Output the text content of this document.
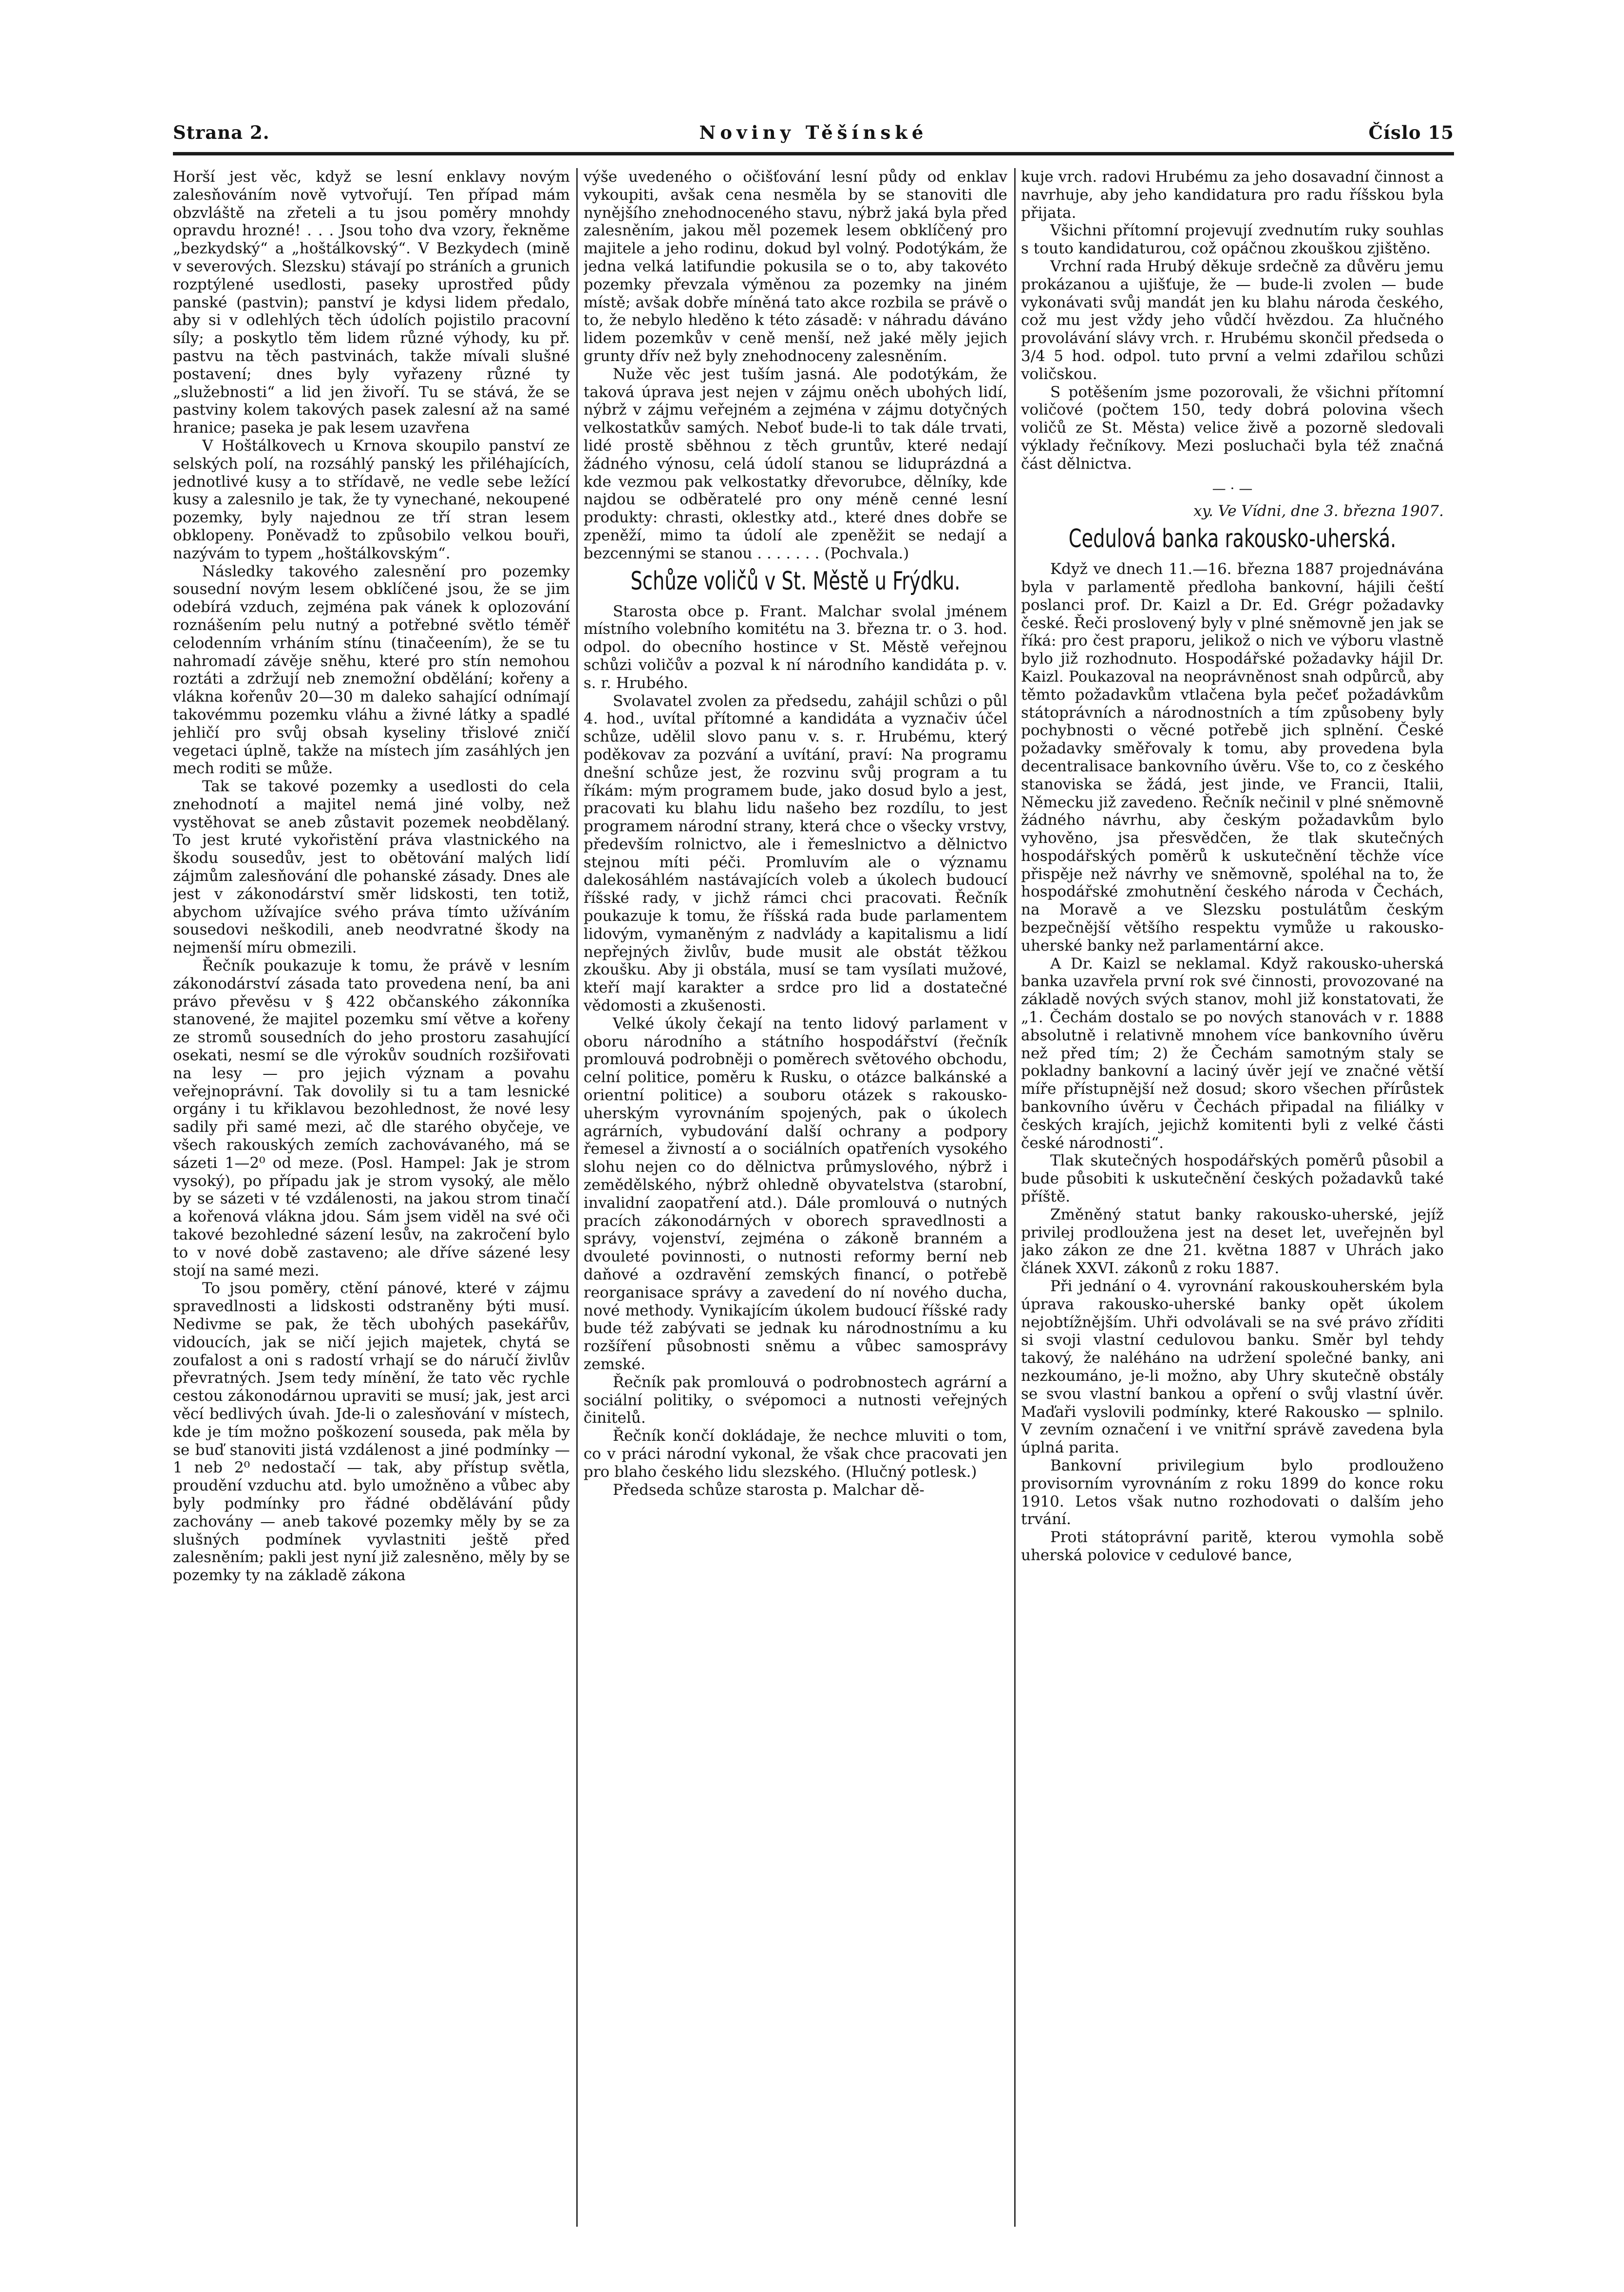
Strana 2.	Noviny Těšínské	Číslo 15

Horší jest věc, když se lesní enklavy novým zalesňováním nově vytvořují. Ten případ mám obzvláště na zřeteli a tu jsou poměry mnohdy opravdu hrozné! . . . Jsou toho dva vzory, řekněme „bezkydský“ a „hoštálkovský“. V Bezkydech (mině v severových. Slezsku) stávají po stráních a grunich rozptýlené usedlosti, paseky uprostřed půdy panské (pastvin); panství je kdysi lidem předalo, aby si v odlehlých těch údolích pojistilo pracovní síly; a poskytlo těm lidem různé výhody, ku př. pastvu na těch pastvinách, takže mívali slušné postavení; dnes byly vyřazeny různé ty „služebnosti“ a lid jen živoří. Tu se stává, že se pastviny kolem takových pasek zalesní až na samé hranice; paseka je pak lesem uzavřena

V Hoštálkovech u Krnova skoupilo panství ze selských polí, na rozsáhlý panský les přiléhajících, jednotlivé kusy a to střídavě, ne vedle sebe ležící kusy a zalesnilo je tak, že ty vynechané, nekoupené pozemky, byly najednou ze tří stran lesem obklopeny. Poněvadž to způsobilo velkou bouři, nazývám to typem „hoštálkovským“.

Následky takového zalesnění pro pozemky sousední novým lesem obklíčené jsou, že se jim odebírá vzduch, zejména pak vánek k oplozování roznášením pelu nutný a potřebné světlo téměř celodenním vrháním stínu (tinačeením), že se tu nahromadí závěje sněhu, které pro stín nemohou roztáti a zdržují neb znemožní obdělání; kořeny a vlákna kořenův 20—30 m daleko sahající odnímají takovémmu pozemku vláhu a živné látky a spadlé jehličí pro svůj obsah kyseliny třislové zničí vegetaci úplně, takže na místech jím zasáhlých jen mech roditi se může.

Tak se takové pozemky a usedlosti do cela znehodnotí a majitel nemá jiné volby, než vystěhovat se aneb zůstavit pozemek neobdělaný. To jest kruté vykořistění práva vlastnického na škodu sousedův, jest to obětování malých lidí zájmům zalesňování dle pohanské zásady. Dnes ale jest v zákonodárství směr lidskosti, ten totiž, abychom užívajíce svého práva tímto užíváním sousedovi neškodili, aneb neodvratné škody na nejmenší míru obmezili.

Řečník poukazuje k tomu, že právě v lesním zákonodárství zásada tato provedena není, ba ani právo převěsu v § 422 občanského zákonníka stanovené, že majitel pozemku smí větve a kořeny ze stromů sousedních do jeho prostoru zasahující osekati, nesmí se dle výrokův soudních rozšiřovati na lesy — pro jejich význam a povahu veřejnoprávní. Tak dovolily si tu a tam lesnické orgány i tu křiklavou bezohlednost, že nové lesy sadily při samé mezi, ač dle starého obyčeje, ve všech rakouských zemích zachovávaného, má se sázeti 1—2⁰ od meze. (Posl. Hampel: Jak je strom vysoký), po případu jak je strom vysoký, ale mělo by se sázeti v té vzdálenosti, na jakou strom tinačí a kořenová vlákna jdou. Sám jsem viděl na své oči takové bezohledné sázení lesův, na zakročení bylo to v nové době zastaveno; ale dříve sázené lesy stojí na samé mezi.

To jsou poměry, ctění pánové, které v zájmu spravedlnosti a lidskosti odstraněny býti musí. Nedivme se pak, že těch ubohých pasekářův, vidoucích, jak se ničí jejich majetek, chytá se zoufalost a oni s radostí vrhají se do náručí živlův převratných. Jsem tedy mínění, že tato věc rychle cestou zákonodárnou upraviti se musí; jak, jest arci věcí bedlivých úvah. Jde-li o zalesňování v místech, kde je tím možno poškození souseda, pak měla by se buď stanoviti jistá vzdálenost a jiné podmínky — 1 neb 2⁰ nedostačí — tak, aby přístup světla, proudění vzduchu atd. bylo umožněno a vůbec aby byly podmínky pro řádné obdělávání půdy zachovány — aneb takové pozemky měly by se za slušných podmínek vyvlastniti ještě před zalesněním; pakli jest nyní již zalesněno, měly by se pozemky ty na základě zákona

výše uvedeného o očišťování lesní půdy od enklav vykoupiti, avšak cena nesměla by se stanoviti dle nynějšího znehodnoceného stavu, nýbrž jaká byla před zalesněním, jakou měl pozemek lesem obklíčený pro majitele a jeho rodinu, dokud byl volný. Podotýkám, že jedna velká latifundie pokusila se o to, aby takovéto pozemky převzala výměnou za pozemky na jiném místě; avšak dobře míněná tato akce rozbila se právě o to, že nebylo hleděno k této zásadě: v náhradu dáváno lidem pozemkův v ceně menší, než jaké měly jejich grunty dřív než byly znehodnoceny zalesněním.

Nuže věc jest tuším jasná. Ale podotýkám, že taková úprava jest nejen v zájmu oněch ubohých lidí, nýbrž v zájmu veřejném a zejména v zájmu dotyčných velkostatkův samých. Neboť bude-li to tak dále trvati, lidé prostě sběhnou z těch gruntův, které nedají žádného výnosu, celá údolí stanou se liduprázdná a kde vezmou pak velkostatky dřevorubce, dělníky, kde najdou se odběratelé pro ony méně cenné lesní produkty: chrasti, oklestky atd., které dnes dobře se zpeněží, mimo ta údolí ale zpeněžit se nedají a bezcennými se stanou . . . . . . . (Pochvala.)

Schůze voličů v St. Městě u Frýdku.

Starosta obce p. Frant. Malchar svolal jménem místního volebního komitétu na 3. března tr. o 3. hod. odpol. do obecního hostince v St. Městě veřejnou schůzi voličův a pozval k ní národního kandidáta p. v. s. r. Hrubého.

Svolavatel zvolen za předsedu, zahájil schůzi o půl 4. hod., uvítal přítomné a kandidáta a vyznačiv účel schůze, udělil slovo panu v. s. r. Hrubému, který poděkovav za pozvání a uvítání, praví: Na programu dnešní schůze jest, že rozvinu svůj program a tu říkám: mým programem bude, jako dosud bylo a jest, pracovati ku blahu lidu našeho bez rozdílu, to jest programem národní strany, která chce o všecky vrstvy, především rolnictvo, ale i řemeslnictvo a dělnictvo stejnou míti péči. Promluvím ale o významu dalekosáhlém nastávajících voleb a úkolech budoucí říšské rady, v jichž rámci chci pracovati. Řečník poukazuje k tomu, že říšská rada bude parlamentem lidovým, vymaněným z nadvlády a kapitalismu a lidí nepřejných živlův, bude musit ale obstát těžkou zkoušku. Aby ji obstála, musí se tam vysílati mužové, kteří mají karakter a srdce pro lid a dostatečné vědomosti a zkušenosti.

Velké úkoly čekají na tento lidový parlament v oboru národního a státního hospodářství (řečník promlouvá podrobněji o poměrech světového obchodu, celní politice, poměru k Rusku, o otázce balkánské a orientní politice) a souboru otázek s rakousko-uherským vyrovnáním spojených, pak o úkolech agrárních, vybudování další ochrany a podpory řemesel a živností a o sociálních opatřeních vysokého slohu nejen co do dělnictva průmyslového, nýbrž i zemědělského, nýbrž ohledně obyvatelstva (starobní, invalidní zaopatření atd.). Dále promlouvá o nutných pracích zákonodárných v oborech spravedlnosti a správy, vojenství, zejména o zákoně branném a dvouleté povinnosti, o nutnosti reformy berní neb daňové a ozdravění zemských financí, o potřebě reorganisace správy a zavedení do ní nového ducha, nové methody. Vynikajícím úkolem budoucí říšské rady bude též zabývati se jednak ku národnostnímu a ku rozšíření působnosti sněmu a vůbec samosprávy zemské.

Řečník pak promlouvá o podrobnostech agrární a sociální politiky, o svépomoci a nutnosti veřejných činitelů.

Řečník končí dokládaje, že nechce mluviti o tom, co v práci národní vykonal, že však chce pracovati jen pro blaho českého lidu slezského. (Hlučný potlesk.)

Předseda schůze starosta p. Malchar dě-

kuje vrch. radovi Hrubému za jeho dosavadní činnost a navrhuje, aby jeho kandidatura pro radu říšskou byla přijata.

Všichni přítomní projevují zvednutím ruky souhlas s touto kandidaturou, což opáčnou zkouškou zjištěno.

Vrchní rada Hrubý děkuje srdečně za důvěru jemu prokázanou a ujišťuje, že — bude-li zvolen — bude vykonávati svůj mandát jen ku blahu národa českého, což mu jest vždy jeho vůdčí hvězdou. Za hlučného provolávání slávy vrch. r. Hrubému skončil předseda o 3/4 5 hod. odpol. tuto první a velmi zdařilou schůzi voličskou.

S potěšením jsme pozorovali, že všichni přítomní voličové (počtem 150, tedy dobrá polovina všech voličů ze St. Města) velice živě a pozorně sledovali výklady řečníkovy. Mezi posluchači byla též značná část dělnictva.

— · —

xy. Ve Vídni, dne 3. března 1907.

Cedulová banka rakousko-uherská.

Když ve dnech 11.—16. března 1887 projednávána byla v parlamentě předloha bankovní, hájili čeští poslanci prof. Dr. Kaizl a Dr. Ed. Grégr požadavky české. Řeči proslovený byly v plné sněmovně jen jak se říká: pro čest praporu, jelikož o nich ve výboru vlastně bylo již rozhodnuto. Hospodářské požadavky hájil Dr. Kaizl. Poukazoval na neoprávněnost snah odpůrců, aby těmto požadavkům vtlačena byla pečeť požadávkům státoprávních a národnostních a tím způsobeny byly pochybnosti o věcné potřebě jich splnění. České požadavky směřovaly k tomu, aby provedena byla decentralisace bankovního úvěru. Vše to, co z českého stanoviska se žádá, jest jinde, ve Francii, Italii, Německu již zavedeno. Řečník nečinil v plné sněmovně žádného návrhu, aby českým požadavkům bylo vyhověno, jsa přesvědčen, že tlak skutečných hospodářských poměrů k uskutečnění těchže více přispěje než návrhy ve sněmovně, spoléhal na to, že hospodářské zmohutnění českého národa v Čechách, na Moravě a ve Slezsku postulátům českým bezpečnější většího respektu vymůže u rakousko-uherské banky než parlamentární akce.

A Dr. Kaizl se neklamal. Když rakousko-uherská banka uzavřela první rok své činnosti, provozované na základě nových svých stanov, mohl již konstatovati, že „1. Čechám dostalo se po nových stanovách v r. 1888 absolutně i relativně mnohem více bankovního úvěru než před tím; 2) že Čechám samotným staly se pokladny bankovní a laciný úvěr její ve značné větší míře přístupnější než dosud; skoro všechen přírůstek bankovního úvěru v Čechách připadal na filiálky v českých krajích, jejichž komitenti byli z velké části české národnosti“.

Tlak skutečných hospodářských poměrů působil a bude působiti k uskutečnění českých požadavků také příště.

Změněný statut banky rakousko-uherské, jejíž privilej prodloužena jest na deset let, uveřejněn byl jako zákon ze dne 21. května 1887 v Uhrách jako článek XXVI. zákonů z roku 1887.

Při jednání o 4. vyrovnání rakouskouherském byla úprava rakousko-uherské banky opět úkolem nejobtížnějším. Uhři odvolávali se na své právo zříditi si svoji vlastní cedulovou banku. Směr byl tehdy takový, že naléháno na udržení společné banky, ani nezkoumáno, je-li možno, aby Uhry skutečně obstály se svou vlastní bankou a opření o svůj vlastní úvěr. Maďaři vyslovili podmínky, které Rakousko — splnilo. V zevním označení i ve vnitřní správě zavedena byla úplná parita.

Bankovní privilegium bylo prodlouženo provisorním vyrovnáním z roku 1899 do konce roku 1910. Letos však nutno rozhodovati o dalším jeho trvání.

Proti státoprávní paritě, kterou vymohla sobě uherská polovice v cedulové bance,
